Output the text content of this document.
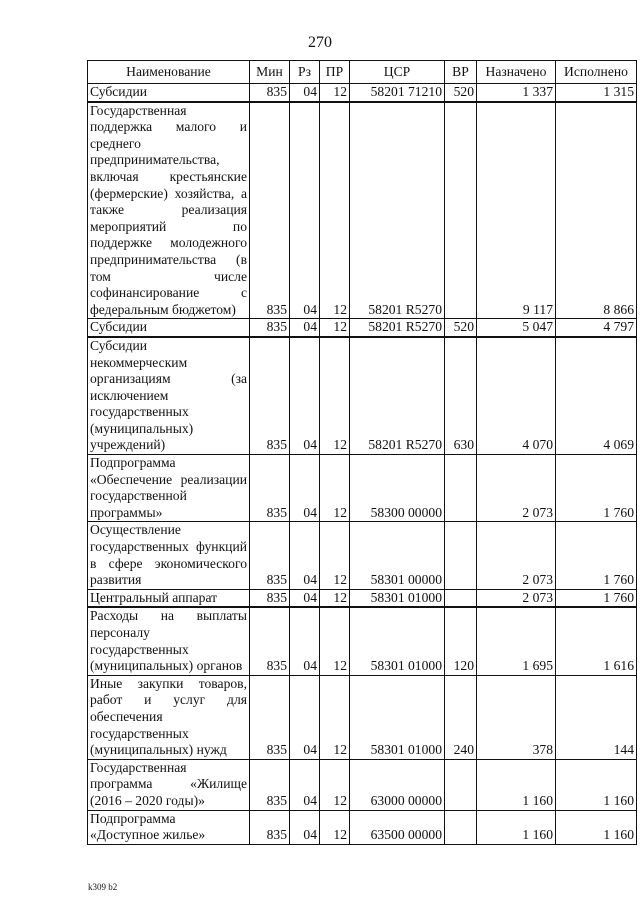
270
Наименование	Мин	Рз	ПР	ЦСР	ВР	Назначено	Исполнено
Субсидии	835	04	12	58201 71210	520	1 337	1 315
Государственная поддержка малого и среднего предпринимательства, включая крестьянские (фермерские) хозяйства, а также реализация мероприятий по поддержке молодежного предпринимательства (в том числе софинансирование с федеральным бюджетом)	835	04	12	58201 R5270		9 117	8 866
Субсидии	835	04	12	58201 R5270	520	5 047	4 797
Субсидии некоммерческим организациям (за исключением государственных (муниципальных) учреждений)	835	04	12	58201 R5270	630	4 070	4 069
Подпрограмма «Обеспечение реализации государственной программы»	835	04	12	58300 00000		2 073	1 760
Осуществление государственных функций в сфере экономического развития	835	04	12	58301 00000		2 073	1 760
Центральный аппарат	835	04	12	58301 01000		2 073	1 760
Расходы на выплаты персоналу государственных (муниципальных) органов	835	04	12	58301 01000	120	1 695	1 616
Иные закупки товаров, работ и услуг для обеспечения государственных (муниципальных) нужд	835	04	12	58301 01000	240	378	144
Государственная программа «Жилище (2016 – 2020 годы)»	835	04	12	63000 00000		1 160	1 160
Подпрограмма «Доступное жилье»	835	04	12	63500 00000		1 160	1 160
k309 b2
